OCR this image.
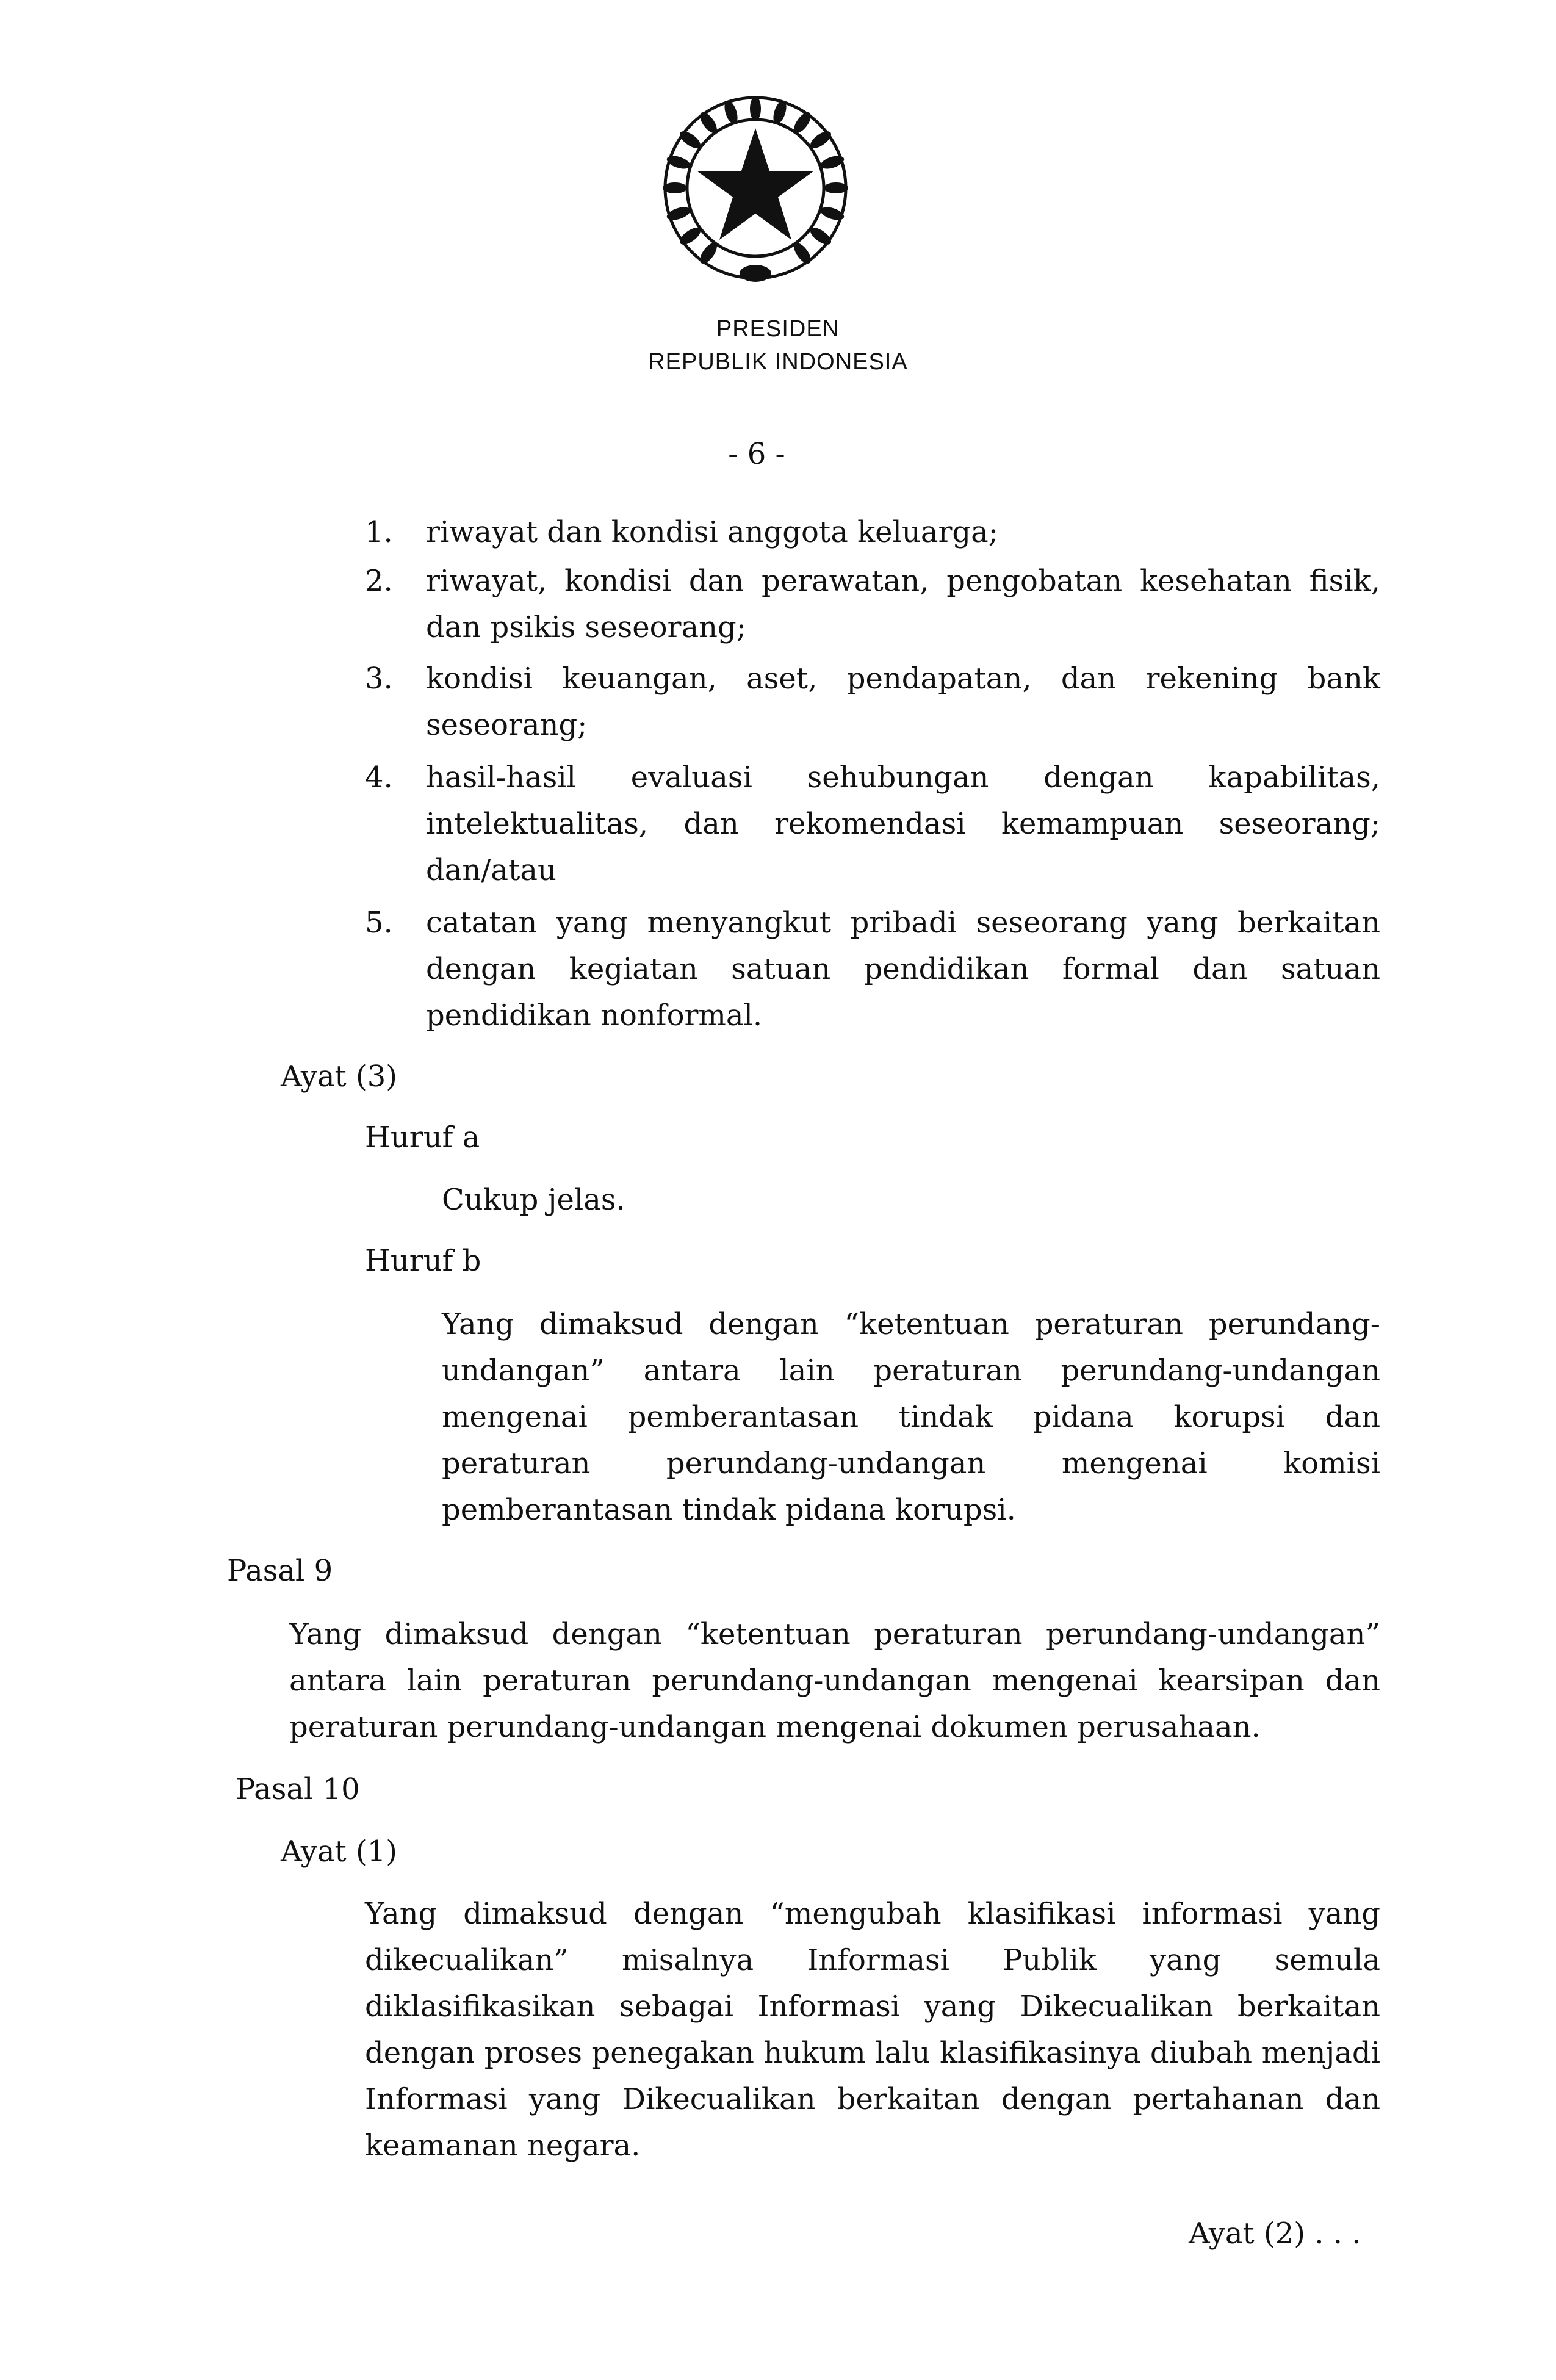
PRESIDEN
REPUBLIK INDONESIA
- 6 -
1. riwayat dan kondisi anggota keluarga;
2. riwayat, kondisi dan perawatan, pengobatan kesehatan fisik, dan psikis seseorang;
3. kondisi keuangan, aset, pendapatan, dan rekening bank seseorang;
4. hasil-hasil evaluasi sehubungan dengan kapabilitas, intelektualitas, dan rekomendasi kemampuan seseorang; dan/atau
5. catatan yang menyangkut pribadi seseorang yang berkaitan dengan kegiatan satuan pendidikan formal dan satuan pendidikan nonformal.
Ayat (3)
Huruf a
Cukup jelas.
Huruf b
Yang dimaksud dengan “ketentuan peraturan perundang-undangan” antara lain peraturan perundang-undangan mengenai pemberantasan tindak pidana korupsi dan peraturan perundang-undangan mengenai komisi pemberantasan tindak pidana korupsi.
Pasal 9
Yang dimaksud dengan “ketentuan peraturan perundang-undangan” antara lain peraturan perundang-undangan mengenai kearsipan dan peraturan perundang-undangan mengenai dokumen perusahaan.
Pasal 10
Ayat (1)
Yang dimaksud dengan “mengubah klasifikasi informasi yang dikecualikan” misalnya Informasi Publik yang semula diklasifikasikan sebagai Informasi yang Dikecualikan berkaitan dengan proses penegakan hukum lalu klasifikasinya diubah menjadi Informasi yang Dikecualikan berkaitan dengan pertahanan dan keamanan negara.
Ayat (2) . . .
